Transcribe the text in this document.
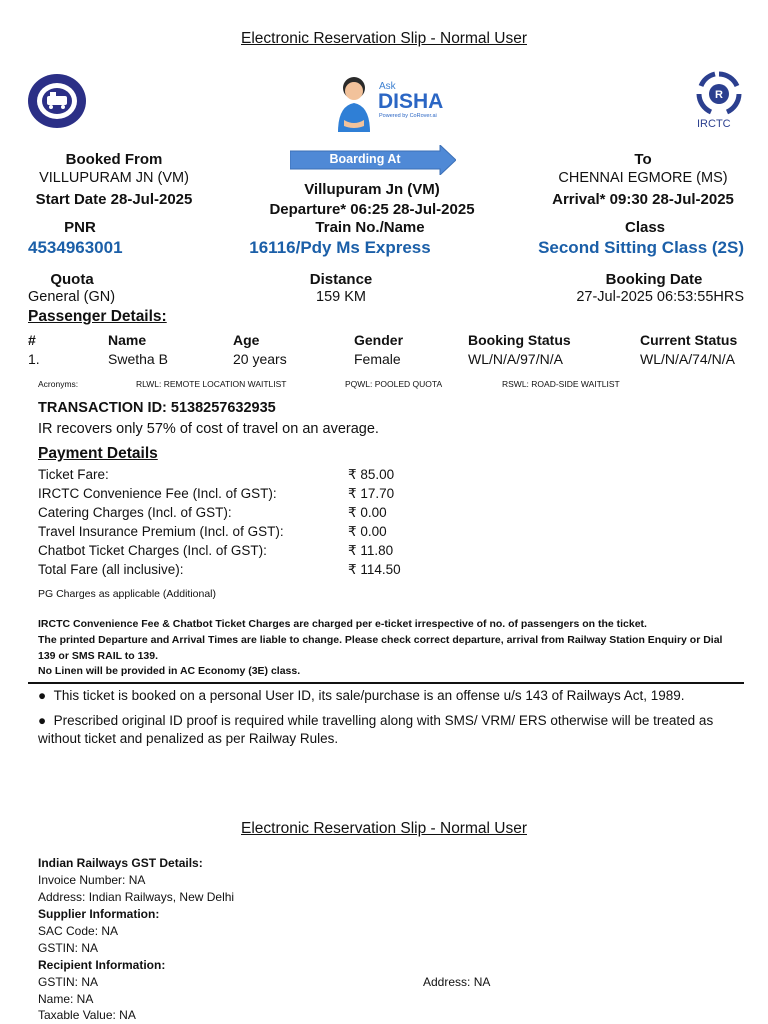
Electronic Reservation Slip - Normal User
Ask
DISHA
Powered by CoRover.ai
R
IRCTC
Booked From
VILLUPURAM JN (VM)
Start Date 28-Jul-2025
Boarding At
Villupuram Jn (VM)
Departure* 06:25 28-Jul-2025
To
CHENNAI EGMORE (MS)
Arrival* 09:30 28-Jul-2025
PNR
4534963001
Train No./Name
16116/Pdy Ms Express
Class
Second Sitting Class (2S)
Quota
General (GN)
Distance
159 KM
Booking Date
27-Jul-2025 06:53:55HRS
Passenger Details:
#	Name	Age	Gender	Booking Status	Current Status
1.	Swetha B	20 years	Female	WL/N/A/97/N/A	WL/N/A/74/N/A
Acronyms:	RLWL: REMOTE LOCATION WAITLIST	PQWL: POOLED QUOTA	RSWL: ROAD-SIDE WAITLIST
TRANSACTION ID: 5138257632935
IR recovers only 57% of cost of travel on an average.
Payment Details
Ticket Fare:	₹ 85.00
IRCTC Convenience Fee (Incl. of GST):	₹ 17.70
Catering Charges (Incl. of GST):	₹ 0.00
Travel Insurance Premium (Incl. of GST):	₹ 0.00
Chatbot Ticket Charges (Incl. of GST):	₹ 11.80
Total Fare (all inclusive):	₹ 114.50
PG Charges as applicable (Additional)
IRCTC Convenience Fee & Chatbot Ticket Charges are charged per e-ticket irrespective of no. of passengers on the ticket.
The printed Departure and Arrival Times are liable to change. Please check correct departure, arrival from Railway Station Enquiry or Dial 139 or SMS RAIL to 139.
No Linen will be provided in AC Economy (3E) class.
●  This ticket is booked on a personal User ID, its sale/purchase is an offense u/s 143 of Railways Act, 1989.
●  Prescribed original ID proof is required while travelling along with SMS/ VRM/ ERS otherwise will be treated as without ticket and penalized as per Railway Rules.
Electronic Reservation Slip - Normal User
Indian Railways GST Details:
Invoice Number: NA
Address: Indian Railways, New Delhi
Supplier Information:
SAC Code: NA
GSTIN: NA
Recipient Information:
GSTIN: NA	Address: NA
Name: NA
Taxable Value: NA
